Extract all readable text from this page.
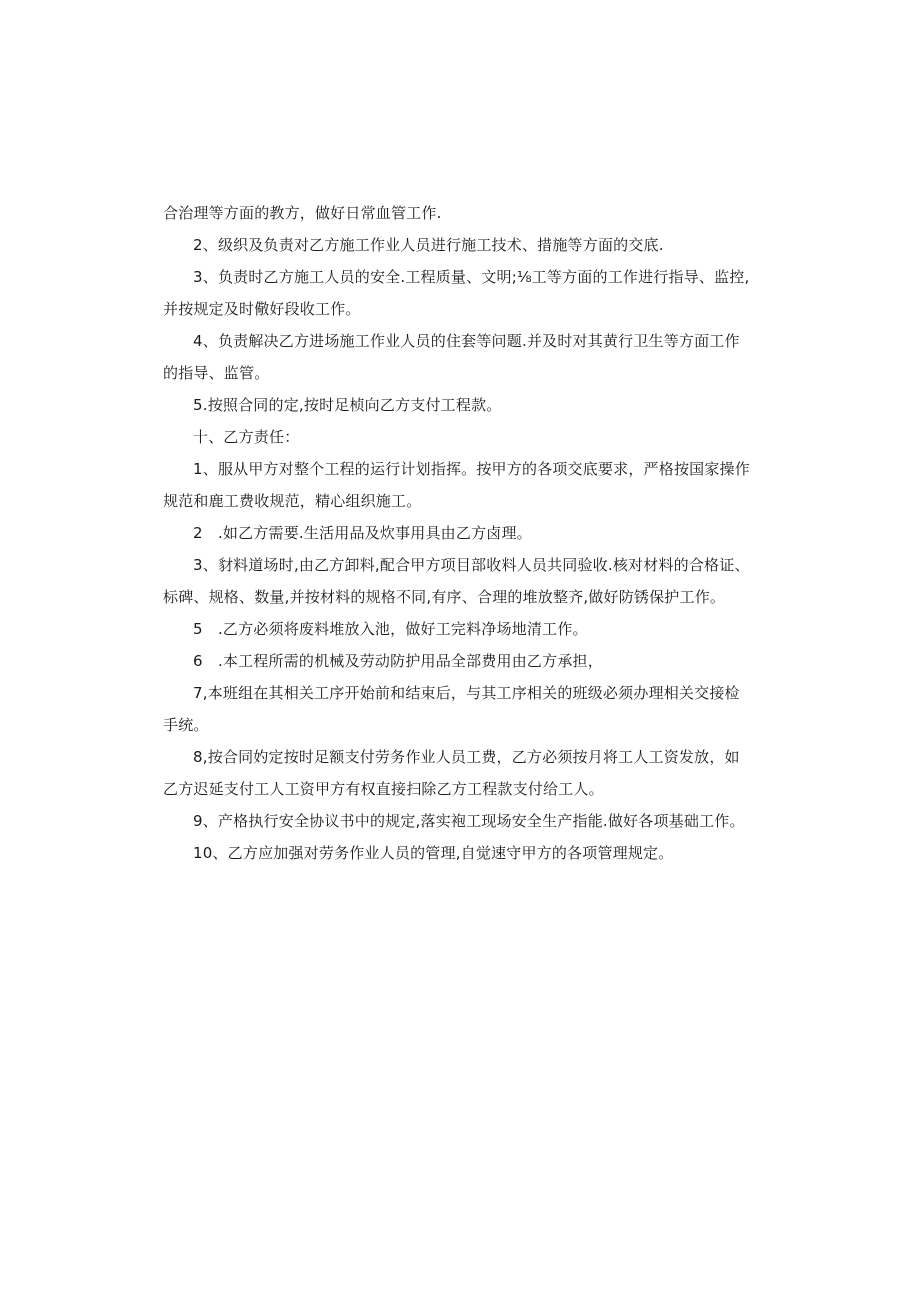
合治理等方面的教方，做好日常血管工作.
2、级织及负责对乙方施工作业人员进行施工技术、措施等方面的交底.
3、负责时乙方施工人员的安全.工程质量、文明;⅛工等方面的工作进行指导、监控,
并按规定及时儆好段收工作。
4、负责解决乙方进场施工作业人员的住套等问题.并及时对其黄行卫生等方面工作
的指导、监管。
5.按照合同的定,按时足桢向乙方支付工程款。
十、乙方责任：
1、服从甲方对整个工程的运行计划指挥。按甲方的各项交底要求，严格按国家操作
规范和鹿工费收规范，精心组织施工。
2　.如乙方需要.生活用品及炊事用具由乙方卤理。
3、豺料道场时,由乙方卸料,配合甲方项目部收料人员共同验收.核对材料的合格证、
标碑、规格、数量,并按材料的规格不同,有序、合理的堆放整齐,做好防锈保护工作。
5　.乙方必须将废料堆放入池，做好工完料净场地清工作。
6　.本工程所需的机械及劳动防护用品全部费用由乙方承担，
7,本班组在其相关工序开始前和结束后，与其工序相关的班级必须办理相关交接检
手统。
8,按合同妁定按时足额支付劳务作业人员工费，乙方必须按月将工人工资发放，如
乙方迟延支付工人工资甲方有权直接扫除乙方工程款支付给工人。
9、产格执行安全协议书中的规定,落实袍工现场安全生产指能.做好各项基础工作。
10、乙方应加强对劳务作业人员的管理,自觉速守甲方的各项管理规定。
